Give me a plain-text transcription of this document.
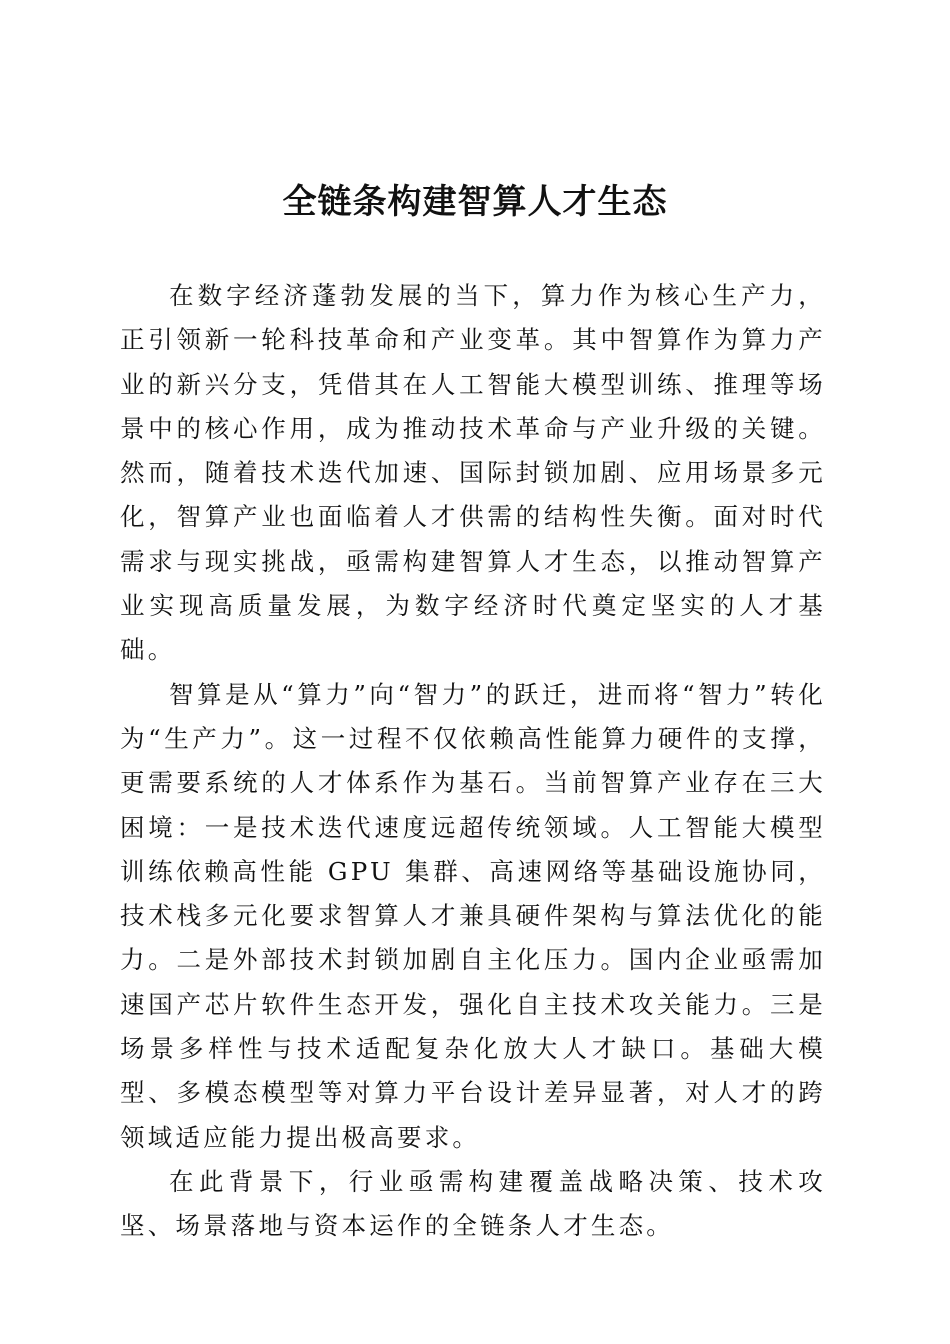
全链条构建智算人才生态

在数字经济蓬勃发展的当下，算力作为核心生产力，正引领新一轮科技革命和产业变革。其中智算作为算力产业的新兴分支，凭借其在人工智能大模型训练、推理等场景中的核心作用，成为推动技术革命与产业升级的关键。然而，随着技术迭代加速、国际封锁加剧、应用场景多元化，智算产业也面临着人才供需的结构性失衡。面对时代需求与现实挑战，亟需构建智算人才生态，以推动智算产业实现高质量发展，为数字经济时代奠定坚实的人才基础。

智算是从“算力”向“智力”的跃迁，进而将“智力”转化为“生产力”。这一过程不仅依赖高性能算力硬件的支撑，更需要系统的人才体系作为基石。当前智算产业存在三大困境：一是技术迭代速度远超传统领域。人工智能大模型训练依赖高性能 GPU 集群、高速网络等基础设施协同，技术栈多元化要求智算人才兼具硬件架构与算法优化的能力。二是外部技术封锁加剧自主化压力。国内企业亟需加速国产芯片软件生态开发，强化自主技术攻关能力。三是场景多样性与技术适配复杂化放大人才缺口。基础大模型、多模态模型等对算力平台设计差异显著，对人才的跨领域适应能力提出极高要求。

在此背景下，行业亟需构建覆盖战略决策、技术攻坚、场景落地与资本运作的全链条人才生态。
